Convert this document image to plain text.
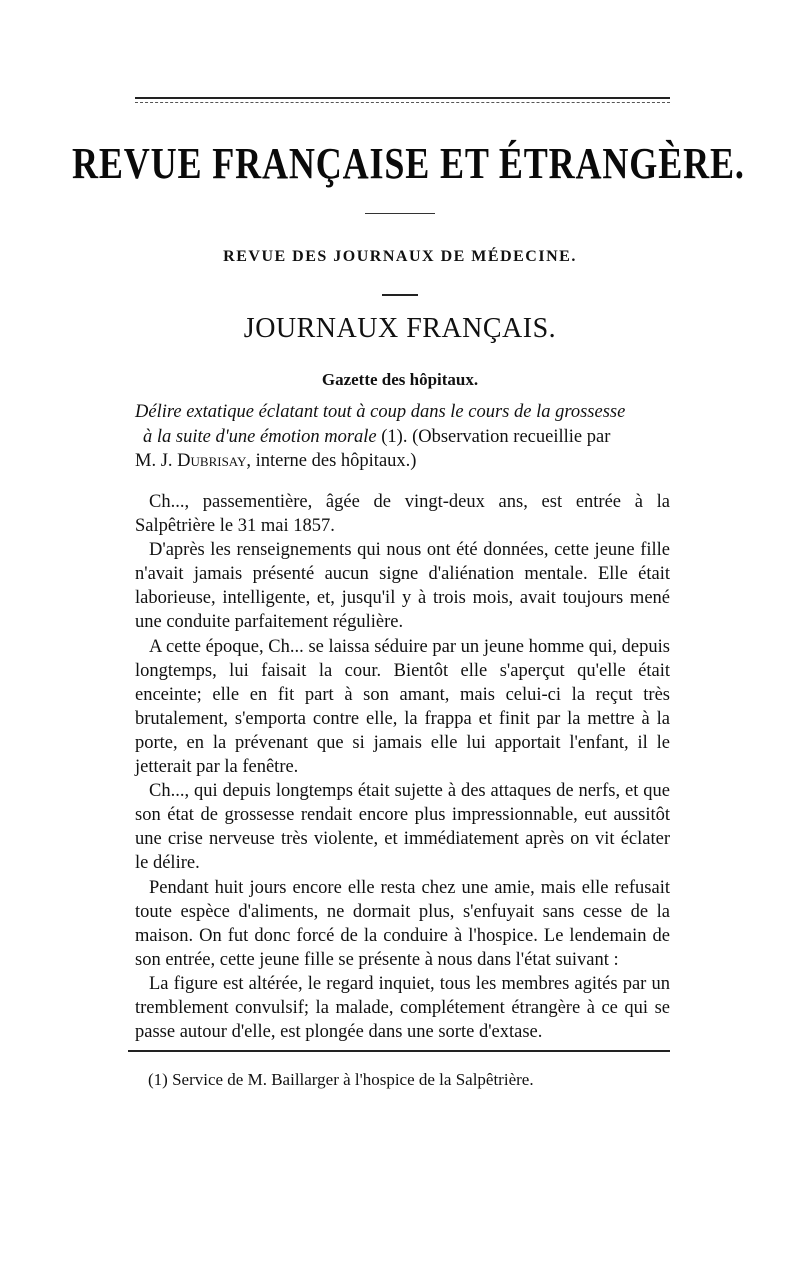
REVUE FRANÇAISE ET ÉTRANGÈRE.
REVUE DES JOURNAUX DE MÉDECINE.
JOURNAUX FRANÇAIS.
Gazette des hôpitaux.
Délire extatique éclatant tout à coup dans le cours de la grossesse
à la suite d'une émotion morale (1). (Observation recueillie par
M. J. Dubrisay, interne des hôpitaux.)

Ch..., passementière, âgée de vingt-deux ans, est entrée à la Salpêtrière le 31 mai 1857.

D'après les renseignements qui nous ont été données, cette jeune fille n'avait jamais présenté aucun signe d'aliénation mentale. Elle était laborieuse, intelligente, et, jusqu'il y à trois mois, avait toujours mené une conduite parfaitement régulière.

A cette époque, Ch... se laissa séduire par un jeune homme qui, depuis longtemps, lui faisait la cour. Bientôt elle s'aperçut qu'elle était enceinte; elle en fit part à son amant, mais celui-ci la reçut très brutalement, s'emporta contre elle, la frappa et finit par la mettre à la porte, en la prévenant que si jamais elle lui apportait l'enfant, il le jetterait par la fenêtre.

Ch..., qui depuis longtemps était sujette à des attaques de nerfs, et que son état de grossesse rendait encore plus impressionnable, eut aussitôt une crise nerveuse très violente, et immédiatement après on vit éclater le délire.

Pendant huit jours encore elle resta chez une amie, mais elle refusait toute espèce d'aliments, ne dormait plus, s'enfuyait sans cesse de la maison. On fut donc forcé de la conduire à l'hospice. Le lendemain de son entrée, cette jeune fille se présente à nous dans l'état suivant :

La figure est altérée, le regard inquiet, tous les membres agités par un tremblement convulsif; la malade, complétement étrangère à ce qui se passe autour d'elle, est plongée dans une sorte d'extase.

(1) Service de M. Baillarger à l'hospice de la Salpêtrière.
